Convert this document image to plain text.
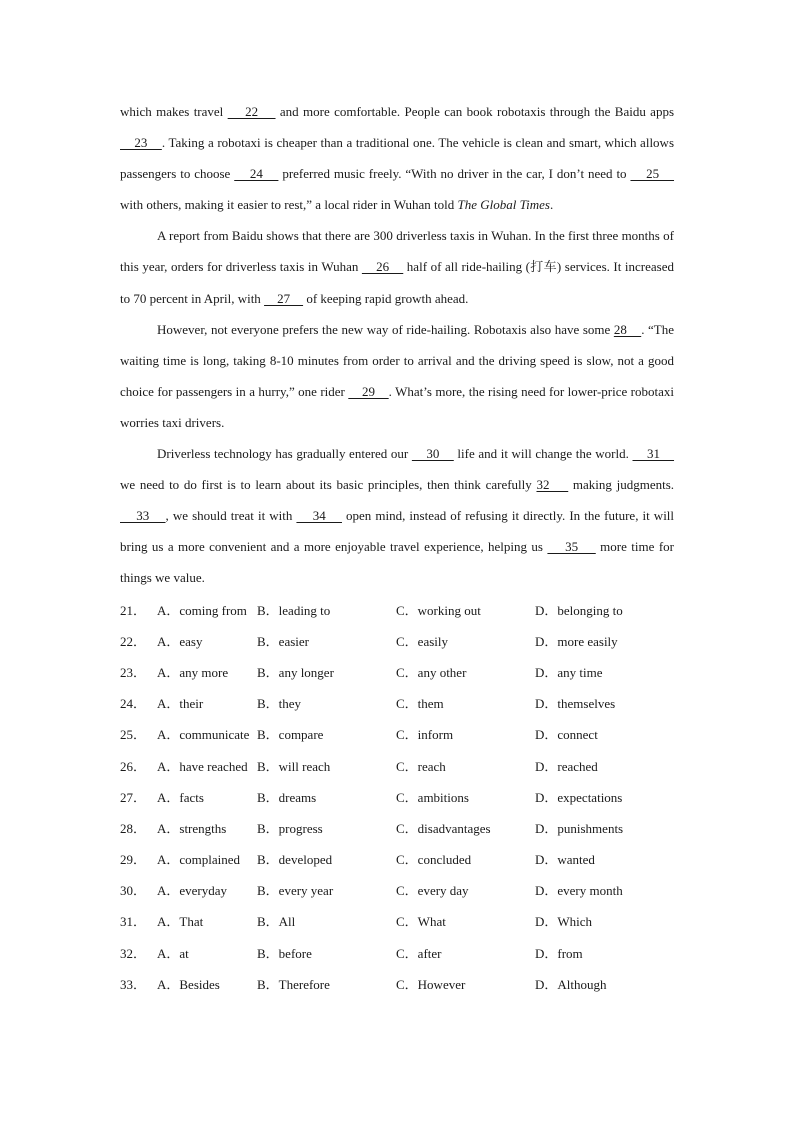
which makes travel     22     and more comfortable. People can book robotaxis through the Baidu apps     23    . Taking a robotaxi is cheaper than a traditional one. The vehicle is clean and smart, which allows passengers to choose     24     preferred music freely. “With no driver in the car, I don’t need to     25     with others, making it easier to rest,” a local rider in Wuhan told The Global Times.

A report from Baidu shows that there are 300 driverless taxis in Wuhan. In the first three months of this year, orders for driverless taxis in Wuhan     26     half of all ride-hailing (打车) services. It increased to 70 percent in April, with     27     of keeping rapid growth ahead.

However, not everyone prefers the new way of ride-hailing. Robotaxis also have some 28    . “The waiting time is long, taking 8-10 minutes from order to arrival and the driving speed is slow, not a good choice for passengers in a hurry,” one rider     29    . What’s more, the rising need for lower-price robotaxi worries taxi drivers.

Driverless technology has gradually entered our     30     life and it will change the world.     31     we need to do first is to learn about its basic principles, then think carefully 32     making judgments.     33    , we should treat it with     34     open mind, instead of refusing it directly. In the future, it will bring us a more convenient and a more enjoyable travel experience, helping us     35     more time for things we value.

21． A．coming from B．leading to	C．working out	D．belonging to
22． A．easy	B．easier	C．easily	D．more easily
23． A．any more	B．any longer	C．any other	D．any time
24． A．their	B．they	C．them	D．themselves
25． A．communicate B．compare	C．inform	D．connect
26． A．have reached B．will reach	C．reach	D．reached
27． A．facts	B．dreams	C．ambitions	D．expectations
28． A．strengths	B．progress	C．disadvantages	D．punishments
29． A．complained	B．developed	C．concluded	D．wanted
30． A．everyday	B．every year	C．every day	D．every month
31． A．That	B．All	C．What	D．Which
32． A．at	B．before	C．after	D．from
33． A．Besides	B．Therefore	C．However	D．Although
